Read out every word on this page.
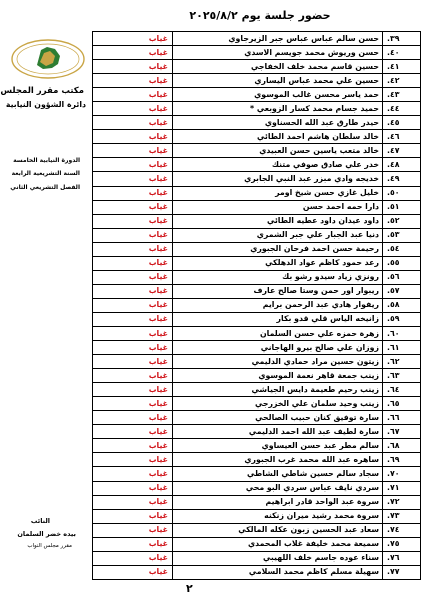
حضور جلسة يوم ٢٠٢٥/٨/٢
.٣٩	حسن سالم عباس عباس جبر الزيرجاوي	غياب
.٤٠	حسن وريوش محمد جويسم الاسدي	غياب
.٤١	حسين قاسم محمد خلف الخفاجي	غياب
.٤٢	حسين علي محمد عباس اليساري	غياب
.٤٣	حمد ياسر محسن غالب الموسوي	غياب
.٤٤	حميد جسام محمد كسار الزوبعي *	غياب
.٤٥	حيدر طارق عبد الله الحسناوي	غياب
.٤٦	خالد سلطان هاشم احمد الطائي	غياب
.٤٧	خالد متعب ياسين حسن العبيدي	غياب
.٤٨	خدر علي صادق صوفي متنك	غياب
.٤٩	خديجه وادي مبزر عبد النبي الجابري	غياب
.٥٠	خليل غازي حسن شيخ اومر	غياب
.٥١	دارا حمه احمد حسن	غياب
.٥٢	داود عيدان داود عطيه الطائي	غياب
.٥٣	دنيا عبد الجبار علي جبر الشمري	غياب
.٥٤	رحيمة حسن احمد فرحان الجبوري	غياب
.٥٥	رعد حمود كاظم عواد الدهلكي	غياب
.٥٦	رونزي زياد سيدو رشو بك	غياب
.٥٧	ريبوار اور حمن وستا صالح عارف	غياب
.٥٨	ريفوار هادي عبد الرحمن برايم	غياب
.٥٩	زانيخه الياس قلي قدو بكار	غياب
.٦٠	زهرة حمزه علي حسن السلمان	غياب
.٦١	زوزان علي صالح بيرو الهاجاني	غياب
.٦٢	زيتون حسين مراد حمادي الدليمي	غياب
.٦٣	زينب جمعة قاهر نعمة الموسوي	غياب
.٦٤	زينب رحيم طعيمة دايس الجياشي	غياب
.٦٥	زينب وحيد سلمان علي الخزرجي	غياب
.٦٦	سارة توفيق كنان حبيب الصالحي	غياب
.٦٧	سارة لطيف عبد الله احمد الدليمي	غياب
.٦٨	سالم مطر عبد حسن العيساوي	غياب
.٦٩	ساهره عبد الله محمد غرب الجبوري	غياب
.٧٠	سجاد سالم حسين شاطي الشاطي	غياب
.٧١	سردي نايف عباس سردي البو محي	غياب
.٧٢	سروة عبد الواحد قادر ابراهيم	غياب
.٧٣	سروة محمد رشيد ميران زنكنه	غياب
.٧٤	سعاد عبد الحسين زبون عكله المالكي	غياب
.٧٥	سميعة محمد خليفة غلاب المحمدي	غياب
.٧٦	سناء عوده جاسم خلف اللهيبي	غياب
.٧٧	سهيلة مسلم كاظم محمد السلامي	غياب
مكتب مقرر المجلس
دائرة الشؤون النيابية
الدورة النيابية الخامسة
السنة التشريعية الرابعة
الفصل التشريعي الثاني
النائب
بيده خضر السلمان
مقرر مجلس النواب
٢
